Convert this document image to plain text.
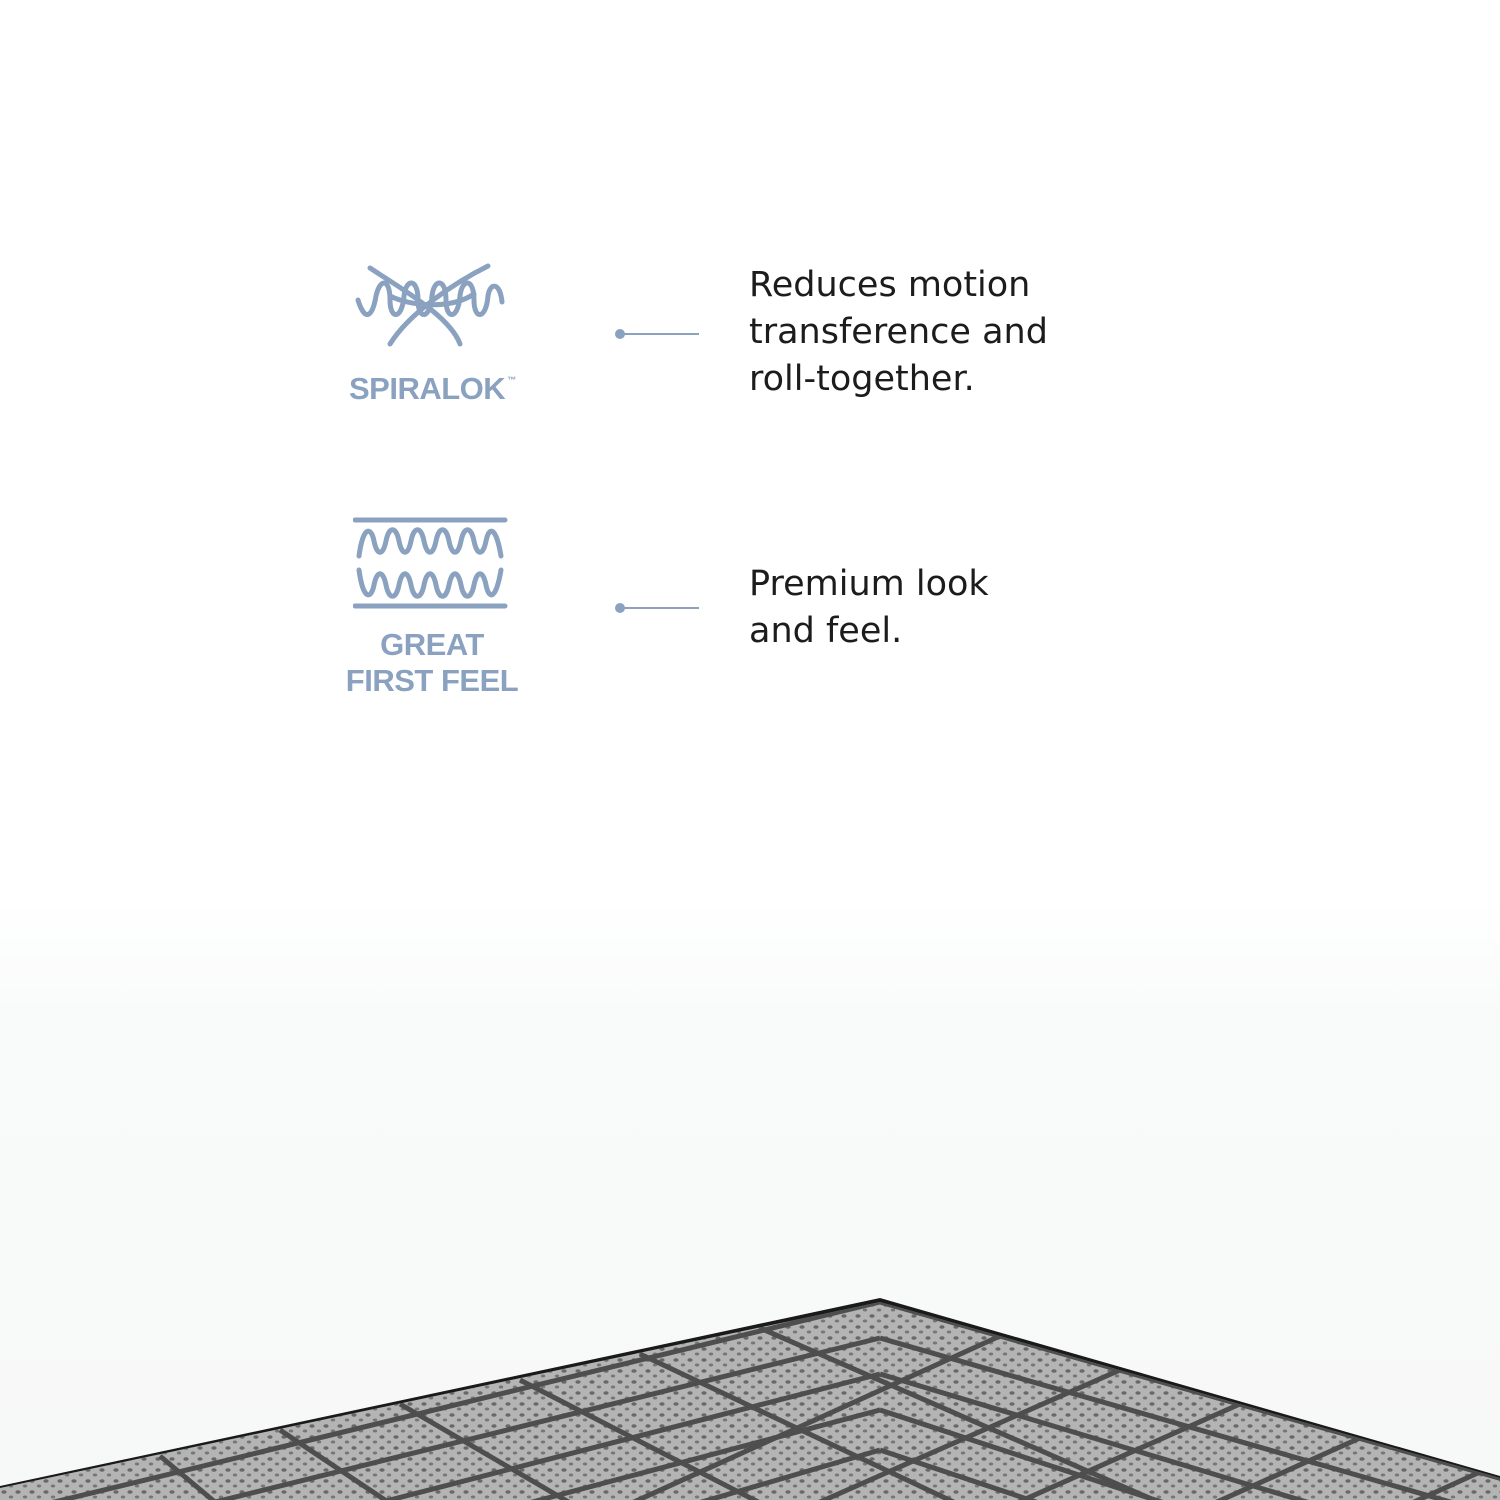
SPIRALOK ™

Reduces motion
transference and
roll-together.

GREAT
FIRST FEEL

Premium look
and feel.
